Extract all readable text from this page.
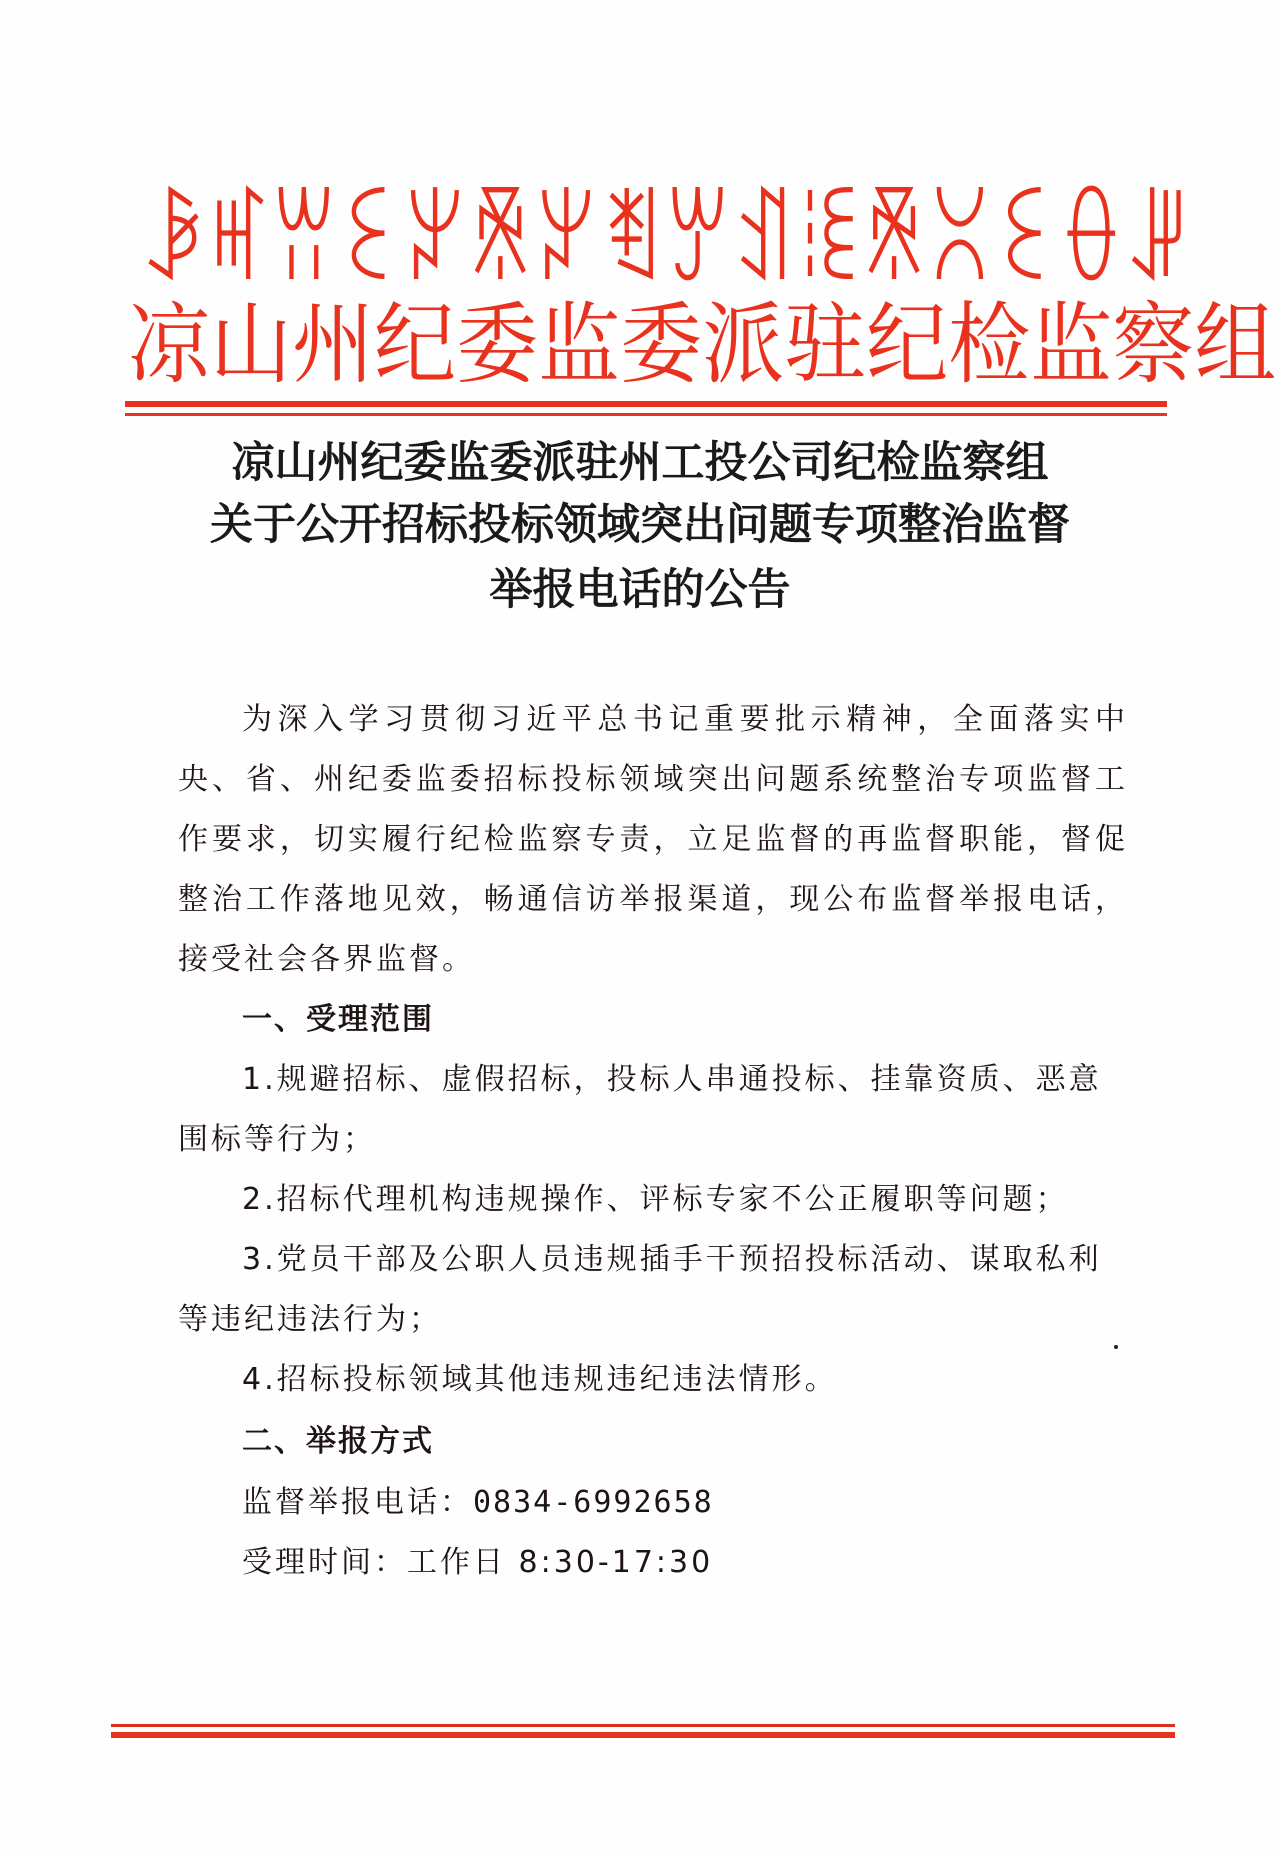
ꆃ ꎭ ꀕ ꏂ ꏃ ꍰ ꏃ ꄮ ꏮ ꀊ ꊫ ꍰ ꇤ ꏂ ꂷ ꎼ
凉 山 州 纪 委 监 委 派 驻 纪 检 监 察 组
凉山州纪委监委派驻州工投公司纪检监察组
关于公开招标投标领域突出问题专项整治监督
举报电话的公告
为深入学习贯彻习近平总书记重要批示精神，全面落实中央、省、州纪委监委招标投标领域突出问题系统整治专项监督工作要求，切实履行纪检监察专责，立足监督的再监督职能，督促整治工作落地见效，畅通信访举报渠道，现公布监督举报电话，接受社会各界监督。
一、受理范围
1.规避招标、虚假招标，投标人串通投标、挂靠资质、恶意围标等行为；
2.招标代理机构违规操作、评标专家不公正履职等问题；
3.党员干部及公职人员违规插手干预招投标活动、谋取私利等违纪违法行为；
4.招标投标领域其他违规违纪违法情形。
二、举报方式
监督举报电话：0834-6992658
受理时间：工作日 8:30-17:30
